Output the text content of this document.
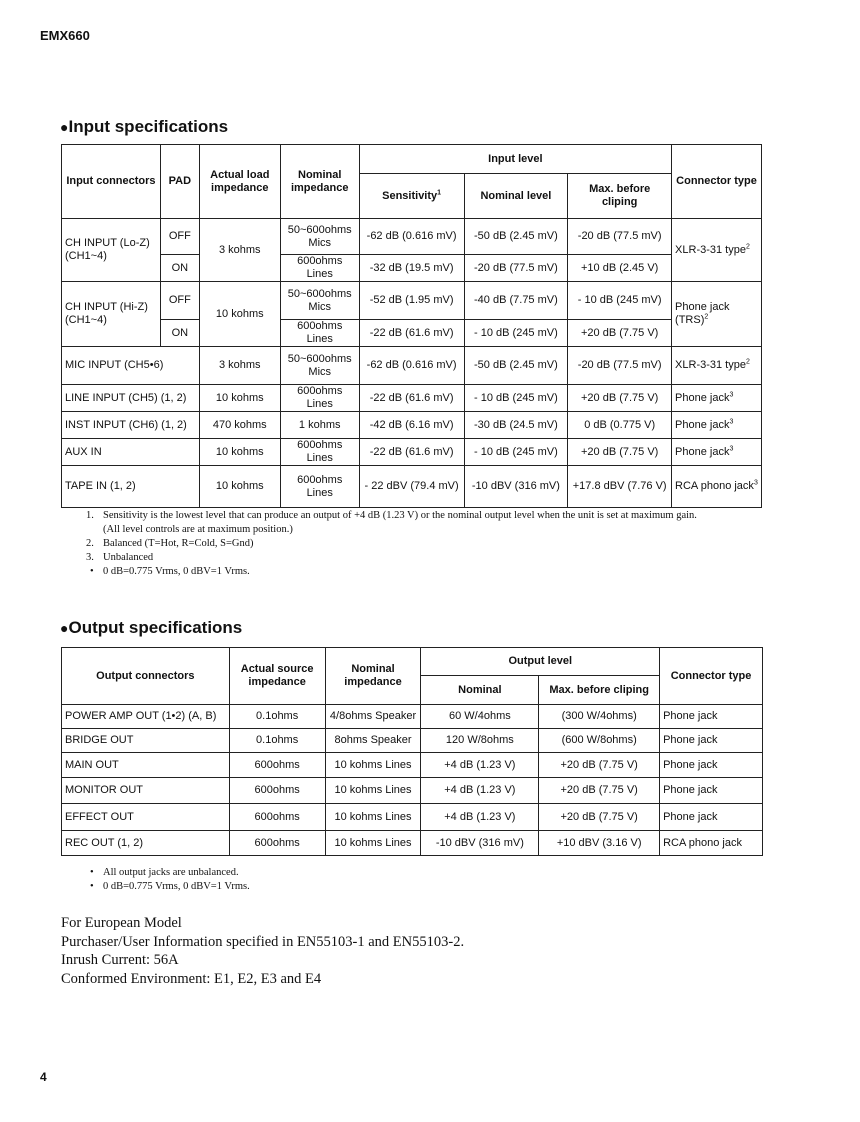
EMX660
●Input specifications
Input connectors	PAD	Actual load impedance	Nominal impedance	Input level			Connector type
				Sensitivity$^1$	Nominal level	Max. before cliping	
CH INPUT (Lo-Z) (CH1~4)	OFF	3 kohms	50~600ohms Mics	-62 dB (0.616 mV)	-50 dB (2.45 mV)	-20 dB (77.5 mV)	XLR-3-31 type$^2$
	ON		600ohms Lines	-32 dB (19.5 mV)	-20 dB (77.5 mV)	+10 dB (2.45 V)	
CH INPUT (Hi-Z) (CH1~4)	OFF	10 kohms	50~600ohms Mics	-52 dB (1.95 mV)	-40 dB (7.75 mV)	- 10 dB (245 mV)	Phone jack (TRS)$^2$
	ON		600ohms Lines	-22 dB (61.6 mV)	- 10 dB (245 mV)	+20 dB (7.75 V)	
MIC INPUT (CH5•6)		3 kohms	50~600ohms Mics	-62 dB (0.616 mV)	-50 dB (2.45 mV)	-20 dB (77.5 mV)	XLR-3-31 type$^2$
LINE INPUT (CH5) (1, 2)		10 kohms	600ohms Lines	-22 dB (61.6 mV)	- 10 dB (245 mV)	+20 dB (7.75 V)	Phone jack$^3$
INST INPUT (CH6) (1, 2)		470 kohms	1 kohms	-42 dB (6.16 mV)	-30 dB (24.5 mV)	0 dB (0.775 V)	Phone jack$^3$
AUX IN		10 kohms	600ohms Lines	-22 dB (61.6 mV)	- 10 dB (245 mV)	+20 dB (7.75 V)	Phone jack$^3$
TAPE IN (1, 2)		10 kohms	600ohms Lines	- 22 dBV (79.4 mV)	-10 dBV (316 mV)	+17.8 dBV (7.76 V)	RCA phono jack$^3$
1. Sensitivity is the lowest level that can produce an output of +4 dB (1.23 V) or the nominal output level when the unit is set at maximum gain.
(All level controls are at maximum position.)
2. Balanced (T=Hot, R=Cold, S=Gnd)
3. Unbalanced
• 0 dB=0.775 Vrms, 0 dBV=1 Vrms.
●Output specifications
Output connectors	Actual source impedance	Nominal impedance	Output level		Connector type
			Nominal	Max. before cliping	
POWER AMP OUT (1•2) (A, B)	0.1ohms	4/8ohms Speaker	60 W/4ohms	(300 W/4ohms)	Phone jack
BRIDGE OUT	0.1ohms	8ohms Speaker	120 W/8ohms	(600 W/8ohms)	Phone jack
MAIN OUT	600ohms	10 kohms Lines	+4 dB (1.23 V)	+20 dB (7.75 V)	Phone jack
MONITOR OUT	600ohms	10 kohms Lines	+4 dB (1.23 V)	+20 dB (7.75 V)	Phone jack
EFFECT OUT	600ohms	10 kohms Lines	+4 dB (1.23 V)	+20 dB (7.75 V)	Phone jack
REC OUT (1, 2)	600ohms	10 kohms Lines	-10 dBV (316 mV)	+10 dBV (3.16 V)	RCA phono jack
• All output jacks are unbalanced.
• 0 dB=0.775 Vrms, 0 dBV=1 Vrms.
For European Model
Purchaser/User Information specified in EN55103-1 and EN55103-2.
Inrush Current: 56A
Conformed Environment: E1, E2, E3 and E4
4
